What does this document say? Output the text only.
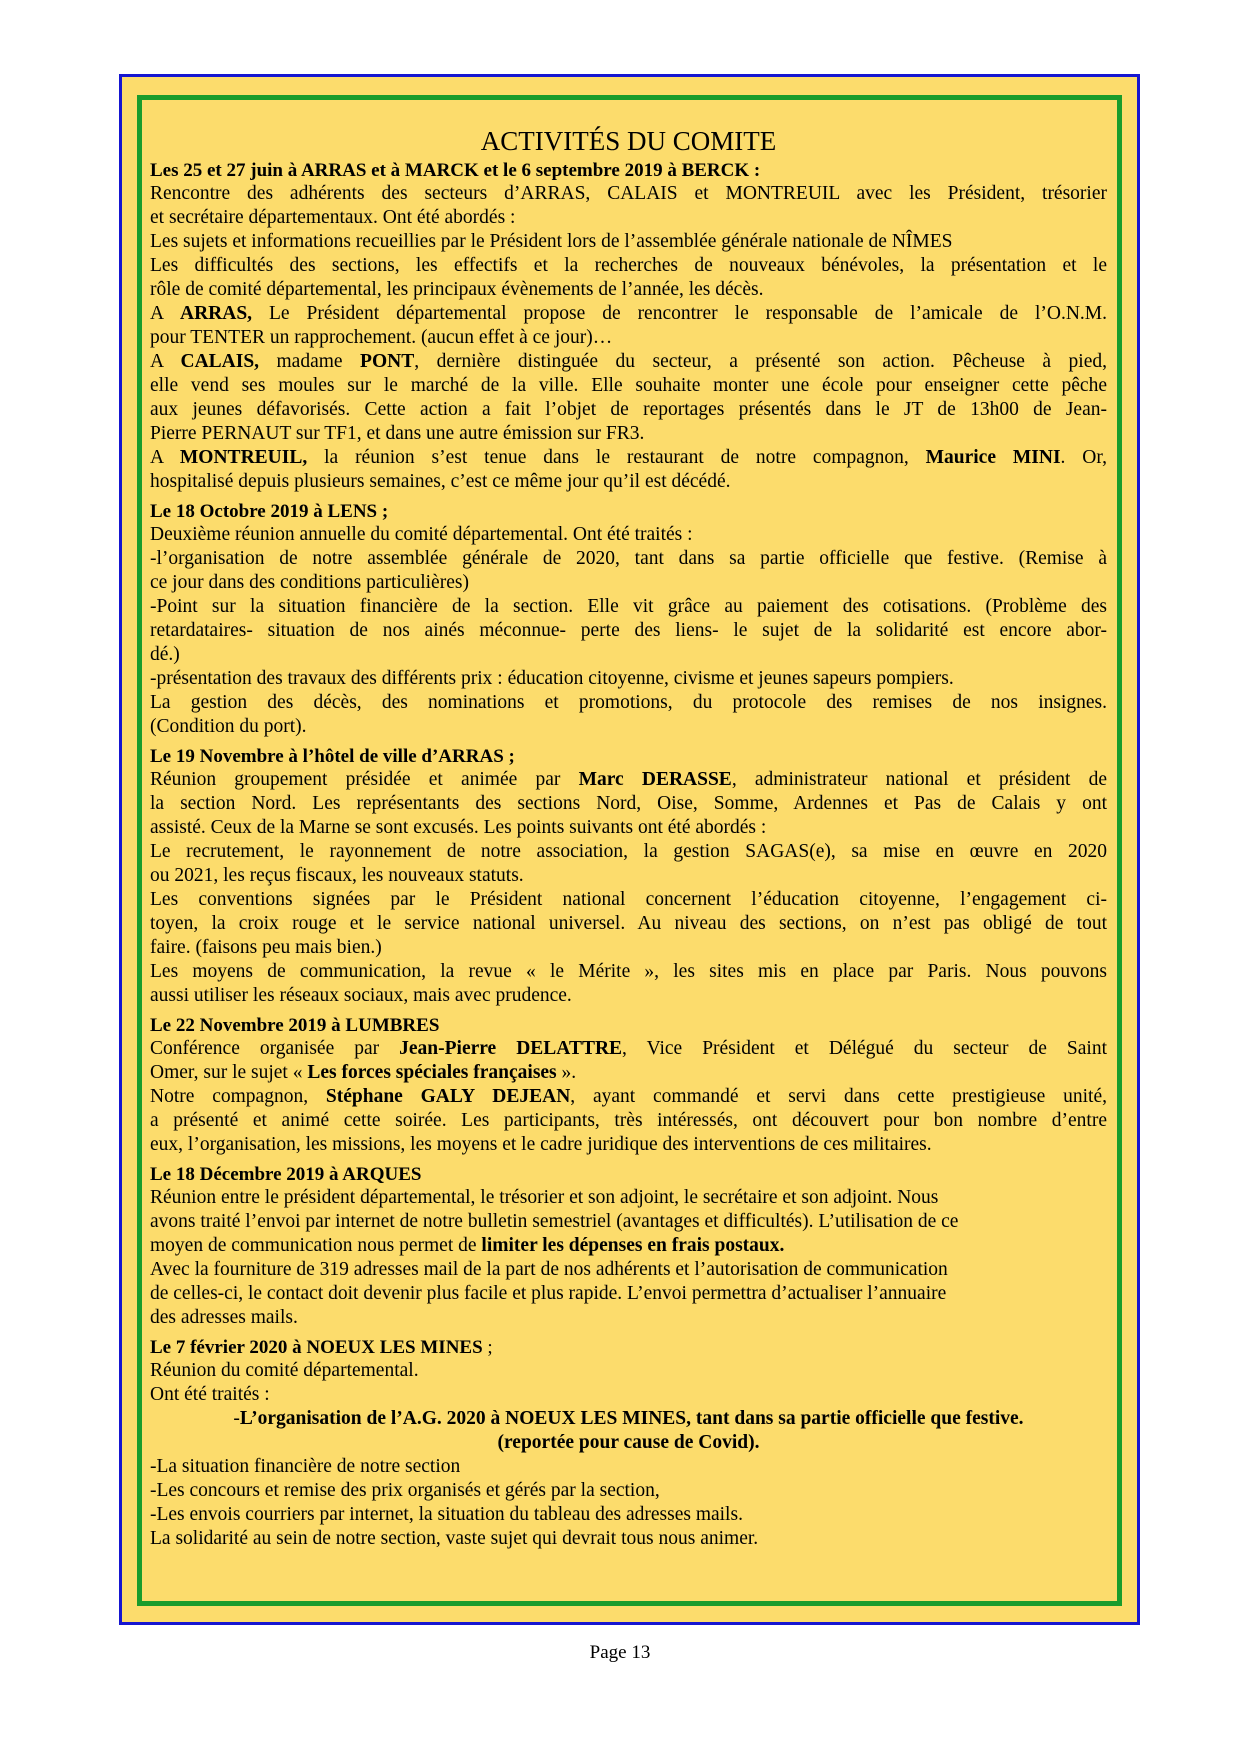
ACTIVITÉS DU COMITE
Les 25 et 27 juin à ARRAS et à MARCK et le 6 septembre 2019 à BERCK :
Rencontre des adhérents des secteurs d’ARRAS, CALAIS et MONTREUIL avec les Président, trésorier
et secrétaire départementaux. Ont été abordés :
Les sujets et informations recueillies par le Président lors de l’assemblée générale nationale de NÎMES
Les difficultés des sections, les effectifs et la recherches de nouveaux bénévoles, la présentation et le
rôle de comité départemental, les principaux évènements de l’année, les décès.
A ARRAS, Le Président départemental propose de rencontrer le responsable de l’amicale de l’O.N.M.
pour TENTER un rapprochement. (aucun effet à ce jour)…
A CALAIS, madame PONT, dernière distinguée du secteur, a présenté son action. Pêcheuse à pied,
elle vend ses moules sur le marché de la ville. Elle souhaite monter une école pour enseigner cette pêche
aux jeunes défavorisés. Cette action a fait l’objet de reportages présentés dans le JT de 13h00 de Jean-
Pierre PERNAUT sur TF1, et dans une autre émission sur FR3.
A MONTREUIL, la réunion s’est tenue dans le restaurant de notre compagnon, Maurice MINI. Or,
hospitalisé depuis plusieurs semaines, c’est ce même jour qu’il est décédé.
Le 18 Octobre 2019 à LENS ;
Deuxième réunion annuelle du comité départemental. Ont été traités :
-l’organisation de notre assemblée générale de 2020, tant dans sa partie officielle que festive. (Remise à
ce jour dans des conditions particulières)
-Point sur la situation financière de la section. Elle vit grâce au paiement des cotisations. (Problème des
retardataires- situation de nos ainés méconnue- perte des liens- le sujet de la solidarité est encore abor-
dé.)
-présentation des travaux des différents prix : éducation citoyenne, civisme et jeunes sapeurs pompiers.
La gestion des décès, des nominations et promotions, du protocole des remises de nos insignes.
(Condition du port).
Le 19 Novembre à l’hôtel de ville d’ARRAS ;
Réunion groupement présidée et animée par Marc DERASSE, administrateur national et président de
la section Nord. Les représentants des sections Nord, Oise, Somme, Ardennes et Pas de Calais y ont
assisté. Ceux de la Marne se sont excusés. Les points suivants ont été abordés :
Le recrutement, le rayonnement de notre association, la gestion SAGAS(e), sa mise en œuvre en 2020
ou 2021, les reçus fiscaux, les nouveaux statuts.
Les conventions signées par le Président national concernent l’éducation citoyenne, l’engagement ci-
toyen, la croix rouge et le service national universel. Au niveau des sections, on n’est pas obligé de tout
faire. (faisons peu mais bien.)
Les moyens de communication, la revue « le Mérite », les sites mis en place par Paris. Nous pouvons
aussi utiliser les réseaux sociaux, mais avec prudence.
Le 22 Novembre 2019 à LUMBRES
Conférence organisée par Jean-Pierre DELATTRE, Vice Président et Délégué du secteur de Saint
Omer, sur le sujet « Les forces spéciales françaises ».
Notre compagnon, Stéphane GALY DEJEAN, ayant commandé et servi dans cette prestigieuse unité,
a présenté et animé cette soirée. Les participants, très intéressés, ont découvert pour bon nombre d’entre
eux, l’organisation, les missions, les moyens et le cadre juridique des interventions de ces militaires.
Le 18 Décembre 2019 à ARQUES
Réunion entre le président départemental, le trésorier et son adjoint, le secrétaire et son adjoint. Nous
avons traité l’envoi par internet de notre bulletin semestriel (avantages et difficultés). L’utilisation de ce
moyen de communication nous permet de limiter les dépenses en frais postaux.
Avec la fourniture de 319 adresses mail de la part de nos adhérents et l’autorisation de communication
de celles-ci, le contact doit devenir plus facile et plus rapide. L’envoi permettra d’actualiser l’annuaire
des adresses mails.
Le 7 février 2020 à NOEUX LES MINES ;
Réunion du comité départemental.
Ont été traités :
-L’organisation de l’A.G. 2020 à NOEUX LES MINES, tant dans sa partie officielle que festive.
(reportée pour cause de Covid).
-La situation financière de notre section
-Les concours et remise des prix organisés et gérés par la section,
-Les envois courriers par internet, la situation du tableau des adresses mails.
La solidarité au sein de notre section, vaste sujet qui devrait tous nous animer.
Page 13
